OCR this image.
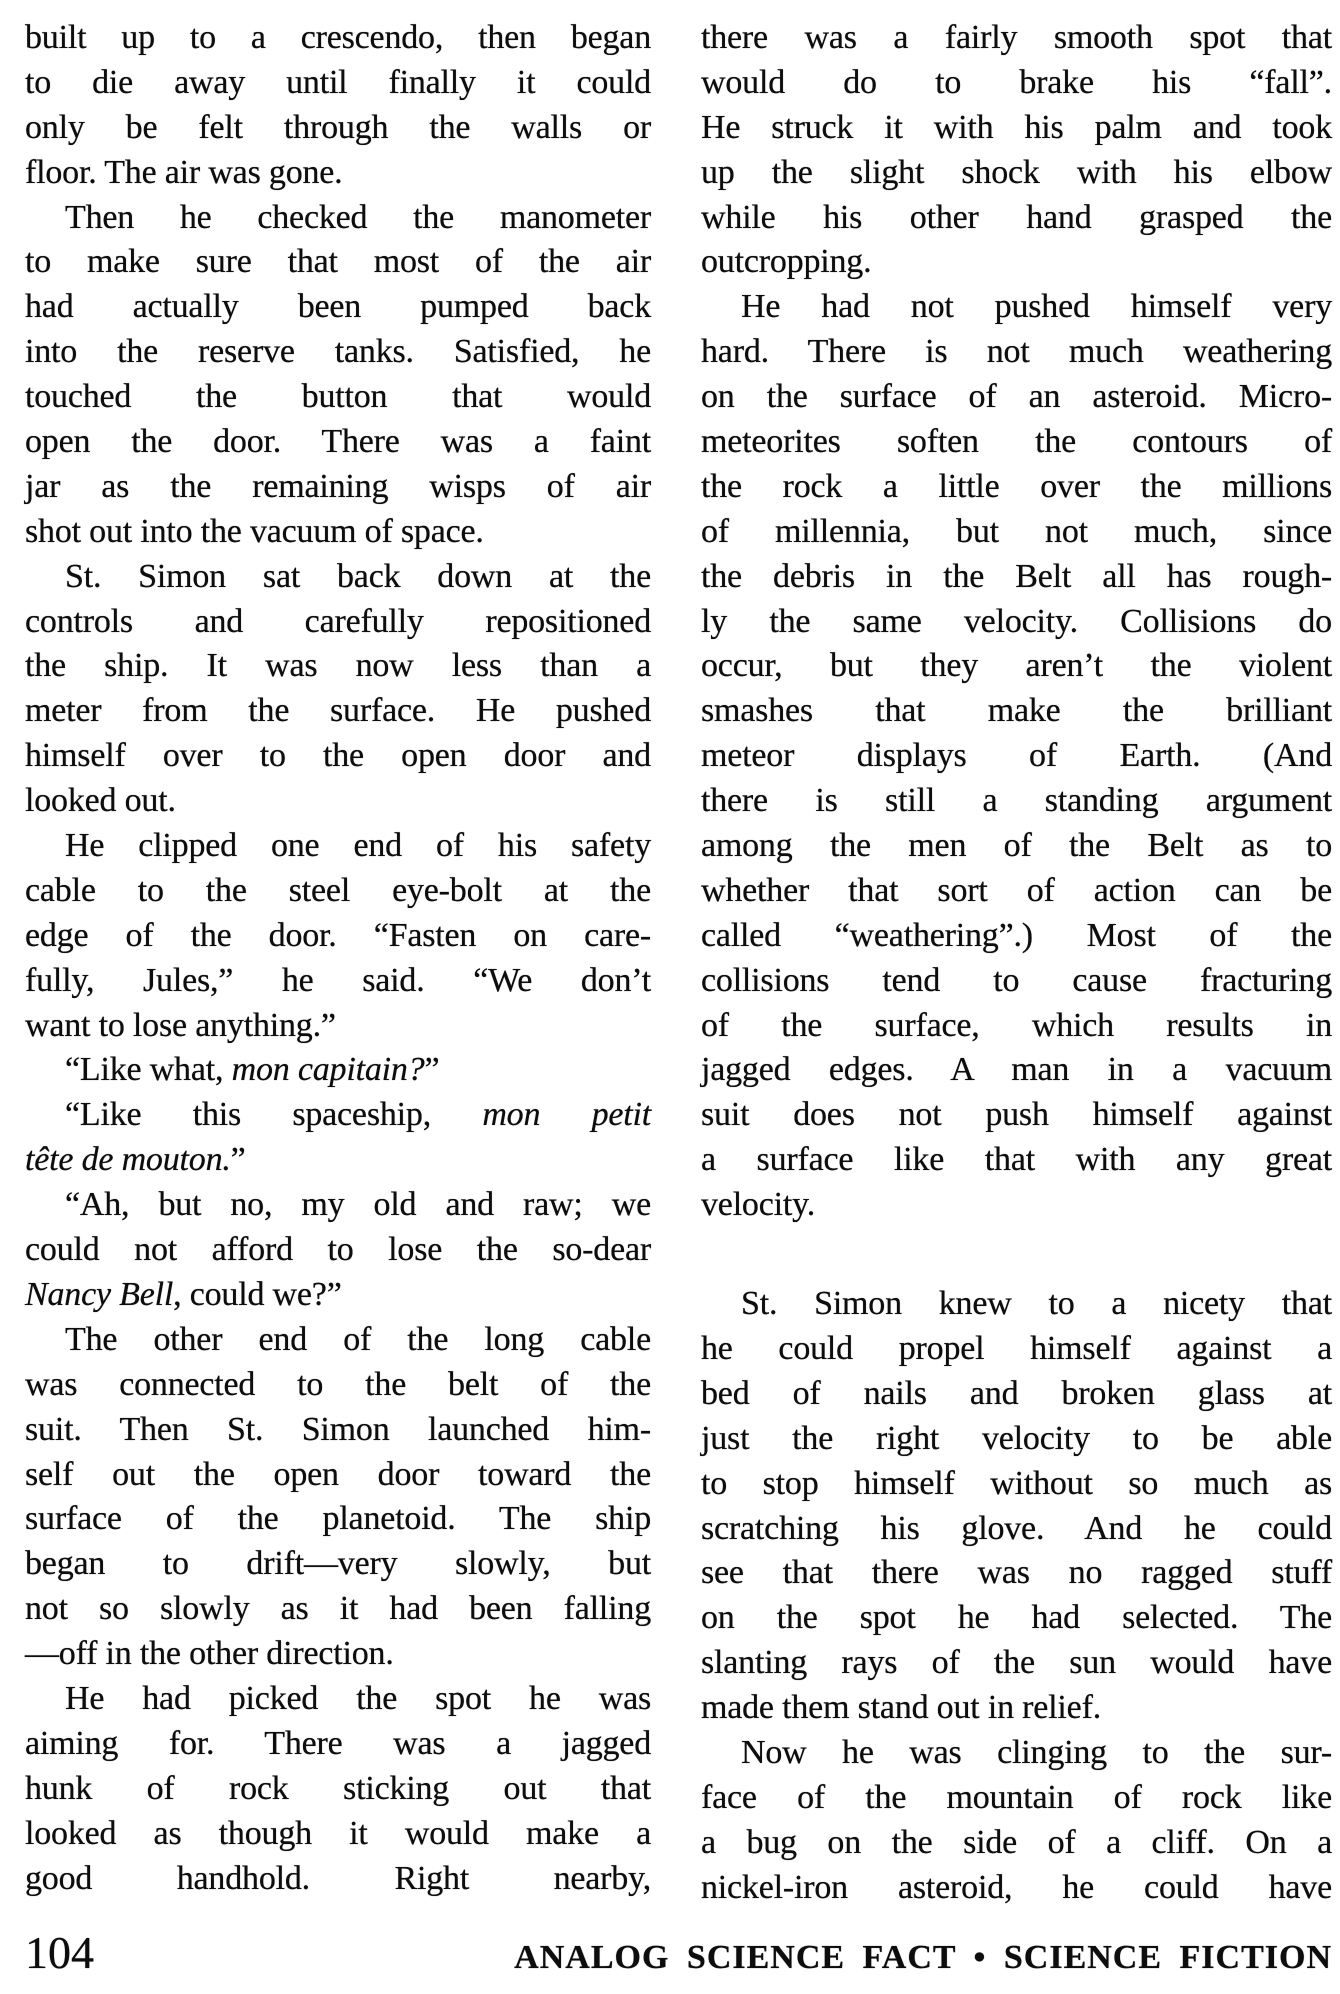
built up to a crescendo, then began
to die away until finally it could
only be felt through the walls or
floor. The air was gone.
Then he checked the manometer
to make sure that most of the air
had actually been pumped back
into the reserve tanks. Satisfied, he
touched the button that would
open the door. There was a faint
jar as the remaining wisps of air
shot out into the vacuum of space.
St. Simon sat back down at the
controls and carefully repositioned
the ship. It was now less than a
meter from the surface. He pushed
himself over to the open door and
looked out.
He clipped one end of his safety
cable to the steel eye-bolt at the
edge of the door. “Fasten on care-
fully, Jules,” he said. “We don’t
want to lose anything.”
“Like what, mon capitain?”
“Like this spaceship, mon petit
tête de mouton.”
“Ah, but no, my old and raw; we
could not afford to lose the so-dear
Nancy Bell, could we?”
The other end of the long cable
was connected to the belt of the
suit. Then St. Simon launched him-
self out the open door toward the
surface of the planetoid. The ship
began to drift—very slowly, but
not so slowly as it had been falling
—off in the other direction.
He had picked the spot he was
aiming for. There was a jagged
hunk of rock sticking out that
looked as though it would make a
good handhold. Right nearby,
there was a fairly smooth spot that
would do to brake his “fall”.
He struck it with his palm and took
up the slight shock with his elbow
while his other hand grasped the
outcropping.
He had not pushed himself very
hard. There is not much weathering
on the surface of an asteroid. Micro-
meteorites soften the contours of
the rock a little over the millions
of millennia, but not much, since
the debris in the Belt all has rough-
ly the same velocity. Collisions do
occur, but they aren’t the violent
smashes that make the brilliant
meteor displays of Earth. (And
there is still a standing argument
among the men of the Belt as to
whether that sort of action can be
called “weathering”.) Most of the
collisions tend to cause fracturing
of the surface, which results in
jagged edges. A man in a vacuum
suit does not push himself against
a surface like that with any great
velocity.
St. Simon knew to a nicety that
he could propel himself against a
bed of nails and broken glass at
just the right velocity to be able
to stop himself without so much as
scratching his glove. And he could
see that there was no ragged stuff
on the spot he had selected. The
slanting rays of the sun would have
made them stand out in relief.
Now he was clinging to the sur-
face of the mountain of rock like
a bug on the side of a cliff. On a
nickel-iron asteroid, he could have
104	ANALOG SCIENCE FACT • SCIENCE FICTION
